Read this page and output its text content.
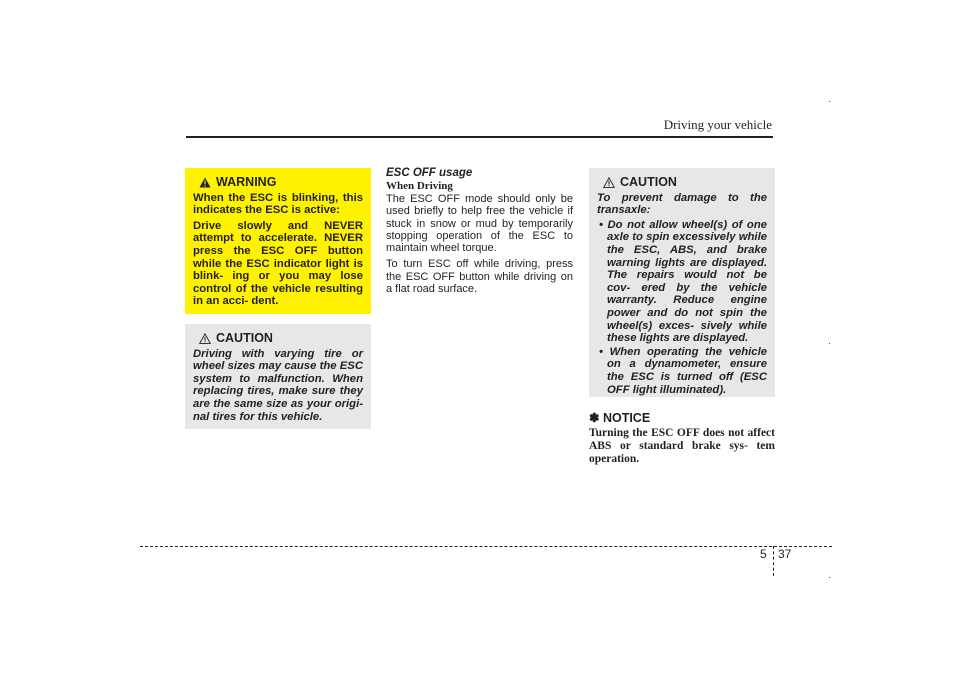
Driving your vehicle
WARNING

When the ESC is blinking, this indicates the ESC is active:

Drive slowly and NEVER attempt to accelerate. NEVER press the ESC OFF button while the ESC indicator light is blink- ing or you may lose control of the vehicle resulting in an acci- dent.

CAUTION

Driving with varying tire or wheel sizes may cause the ESC system to malfunction. When replacing tires, make sure they are the same size as your origi- nal tires for this vehicle.

ESC OFF usage
When Driving

The ESC OFF mode should only be used briefly to help free the vehicle if stuck in snow or mud by temporarily stopping operation of the ESC to maintain wheel torque.

To turn ESC off while driving, press the ESC OFF button while driving on a flat road surface.

CAUTION

To prevent damage to the transaxle:

• Do not allow wheel(s) of one axle to spin excessively while the ESC, ABS, and brake warning lights are displayed. The repairs would not be cov- ered by the vehicle warranty. Reduce engine power and do not spin the wheel(s) exces- sively while these lights are displayed.
• When operating the vehicle on a dynamometer, ensure the ESC is turned off (ESC OFF light illuminated).
✽ NOTICE

Turning the ESC OFF does not affect ABS or standard brake sys- tem operation.

5 37
